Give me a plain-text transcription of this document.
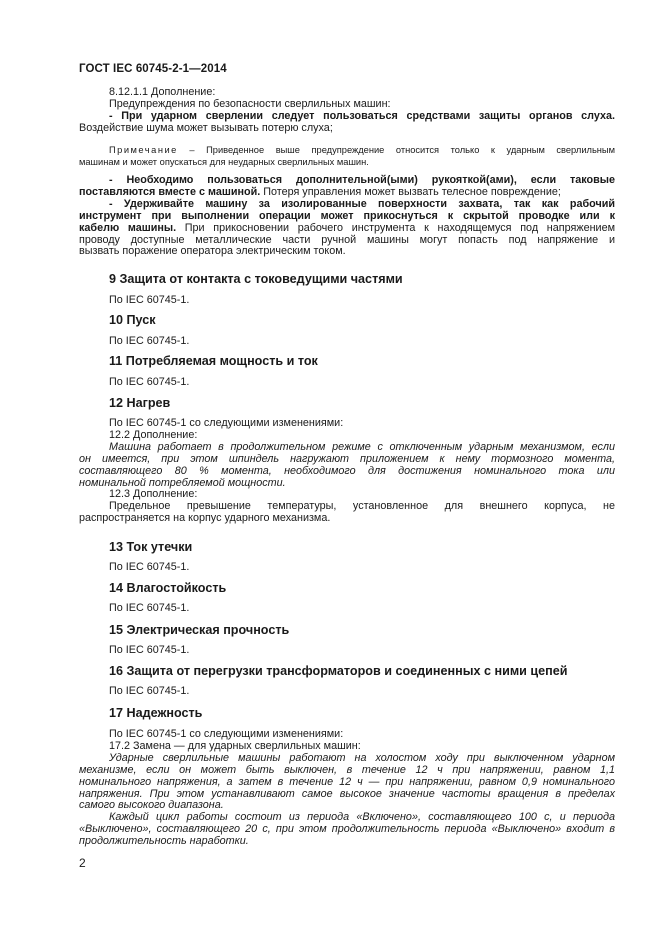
ГОСТ IEC 60745-2-1—2014
8.12.1.1 Дополнение:
Предупреждения по безопасности сверлильных машин:
- При ударном сверлении следует пользоваться средствами защиты органов слуха.
Воздействие шума может вызывать потерю слуха;
Примечание – Приведенное выше предупреждение относится только к ударным сверлильным
машинам и может опускаться для неударных сверлильных машин.
- Необходимо пользоваться дополнительной(ыми) рукояткой(ами), если таковые
поставляются вместе с машиной. Потеря управления может вызвать телесное повреждение;
- Удерживайте машину за изолированные поверхности захвата, так как рабочий
инструмент при выполнении операции может прикоснуться к скрытой проводке или к
кабелю машины. При прикосновении рабочего инструмента к находящемуся под напряжением
проводу доступные металлические части ручной машины могут попасть под напряжение и
вызвать поражение оператора электрическим током.
9 Защита от контакта с токоведущими частями
По IEC 60745-1.
10 Пуск
По IEC 60745-1.
11 Потребляемая мощность и ток
По IEC 60745-1.
12 Нагрев
По IEC 60745-1 со следующими изменениями:
12.2 Дополнение:
Машина работает в продолжительном режиме с отключенным ударным механизмом, если
он имеется, при этом шпиндель нагружают приложением к нему тормозного момента,
составляющего 80 % момента, необходимого для достижения номинального тока или
номинальной потребляемой мощности.
12.3 Дополнение:
Предельное превышение температуры, установленное для внешнего корпуса, не
распространяется на корпус ударного механизма.
13 Ток утечки
По IEC 60745-1.
14 Влагостойкость
По IEC 60745-1.
15 Электрическая прочность
По IEC 60745-1.
16 Защита от перегрузки трансформаторов и соединенных с ними цепей
По IEC 60745-1.
17 Надежность
По IEC 60745-1 со следующими изменениями:
17.2 Замена — для ударных сверлильных машин:
Ударные сверлильные машины работают на холостом ходу при выключенном ударном
механизме, если он может быть выключен, в течение 12 ч при напряжении, равном 1,1
номинального напряжения, а затем в течение 12 ч — при напряжении, равном 0,9 номинального
напряжения. При этом устанавливают самое высокое значение частоты вращения в пределах
самого высокого диапазона.
Каждый цикл работы состоит из периода «Включено», составляющего 100 с, и периода
«Выключено», составляющего 20 с, при этом продолжительность периода «Выключено» входит в
продолжительность наработки.
2
